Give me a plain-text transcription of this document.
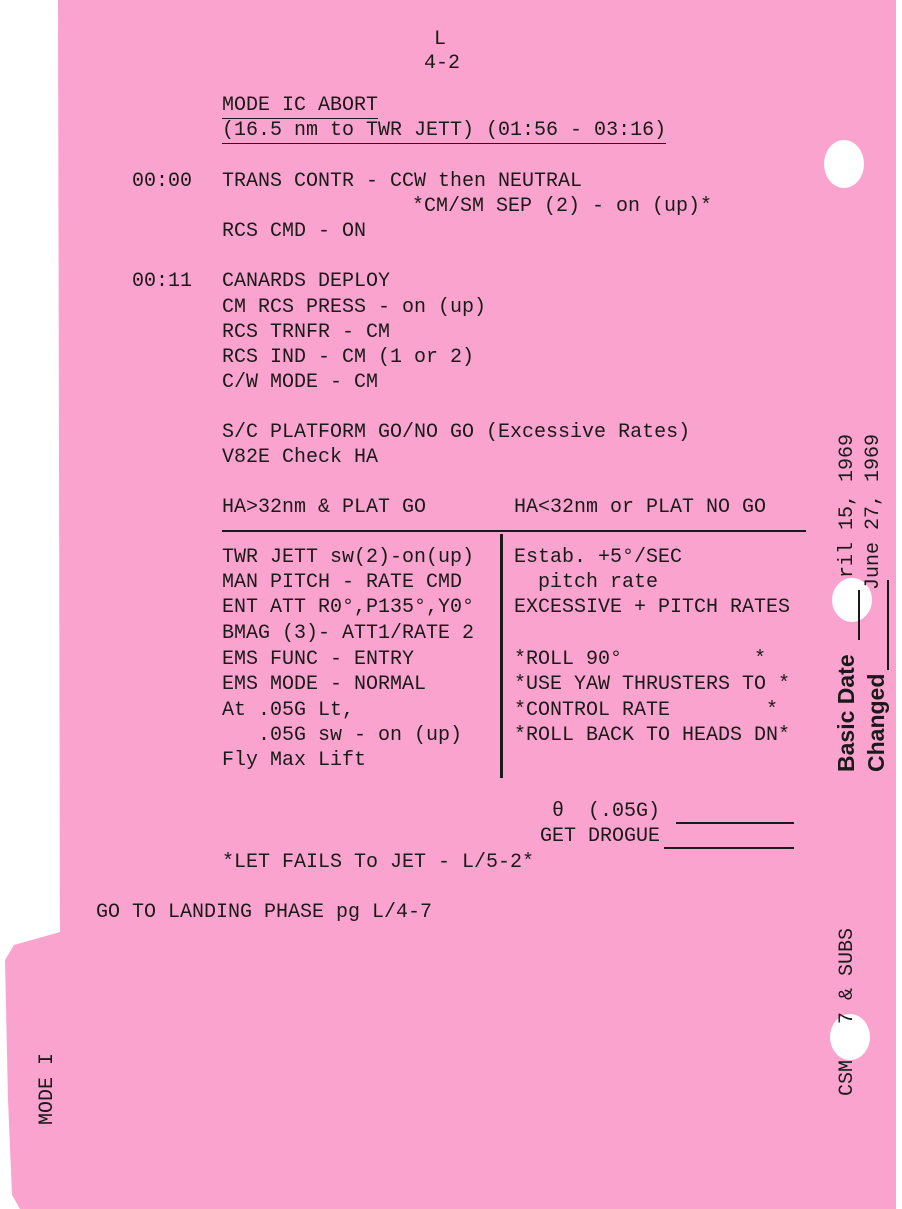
L
4-2
MODE IC ABORT
(16.5 nm to TWR JETT) (01:56 - 03:16)
00:00 TRANS CONTR - CCW then NEUTRAL
*CM/SM SEP (2) - on (up)*
RCS CMD - ON
00:11 CANARDS DEPLOY
CM RCS PRESS - on (up)
RCS TRNFR - CM
RCS IND - CM (1 or 2)
C/W MODE - CM
S/C PLATFORM GO/NO GO (Excessive Rates)
V82E Check HA
HA>32nm & PLAT GO	HA<32nm or PLAT NO GO
TWR JETT sw(2)-on(up)
MAN PITCH - RATE CMD
ENT ATT R0°,P135°,Y0°
BMAG (3)- ATT1/RATE 2
EMS FUNC - ENTRY
EMS MODE - NORMAL
At .05G Lt,
.05G sw - on (up)
Fly Max Lift
Estab. +5°/SEC
pitch rate
EXCESSIVE + PITCH RATES
*ROLL 90°           *
*USE YAW THRUSTERS TO *
*CONTROL RATE        *
*ROLL BACK TO HEADS DN*
θ  (.05G)
GET DROGUE
*LET FAILS To JET - L/5-2*
GO TO LANDING PHASE pg L/4-7
MODE I
Basic Date Changed
ril 15, 1969 June 27, 1969
CSM   7 & SUBS
